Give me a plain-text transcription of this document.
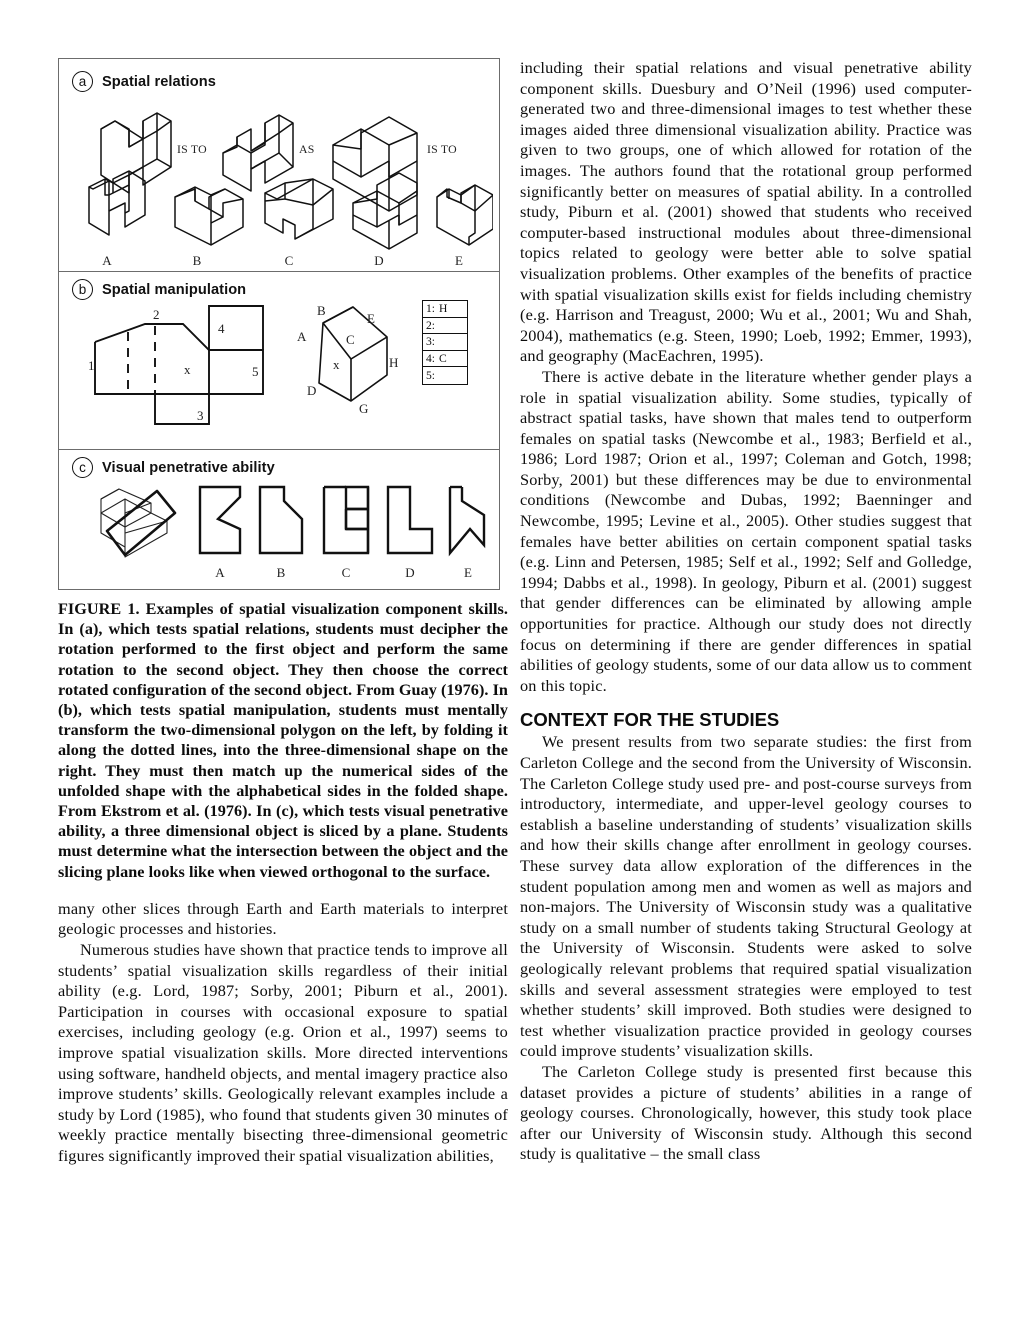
a	Spatial relations
IS TO	AS	IS TO
A	B	C	D	E
b	Spatial manipulation
1
2
3
4
5
x
B
E
C
A
x	H
D
G
1: H
2:
3:
4: C
5:
c	Visual penetrative ability
A	B	C	D	E
FIGURE 1. Examples of spatial visualization component skills. In (a), which tests spatial relations, students must decipher the rotation performed to the first object and perform the same rotation to the second object. They then choose the correct rotated configuration of the second object. From Guay (1976). In (b), which tests spatial manipulation, students must mentally transform the two-dimensional polygon on the left, by folding it along the dotted lines, into the three-dimensional shape on the right. They must then match up the numerical sides of the unfolded shape with the alphabetical sides in the folded shape. From Ekstrom et al. (1976). In (c), which tests visual penetrative ability, a three dimensional object is sliced by a plane. Students must determine what the intersection between the object and the slicing plane looks like when viewed orthogonal to the surface.

many other slices through Earth and Earth materials to interpret geologic processes and histories.

Numerous studies have shown that practice tends to improve all students’ spatial visualization skills regardless of their initial ability (e.g. Lord, 1987; Sorby, 2001; Piburn et al., 2001). Participation in courses with occasional exposure to spatial exercises, including geology (e.g. Orion et al., 1997) seems to improve spatial visualization skills. More directed interventions using software, handheld objects, and mental imagery practice also improve students’ skills. Geologically relevant examples include a study by Lord (1985), who found that students given 30 minutes of weekly practice mentally bisecting three-dimensional geometric figures significantly improved their spatial visualization abilities,

including their spatial relations and visual penetrative ability component skills. Duesbury and O’Neil (1996) used computer-generated two and three-dimensional images to test whether these images aided three dimensional visualization ability. Practice was given to two groups, one of which allowed for rotation of the images. The authors found that the rotational group performed significantly better on measures of spatial ability. In a controlled study, Piburn et al. (2001) showed that students who received computer-based instructional modules about three-dimensional topics related to geology were better able to solve spatial visualization problems. Other examples of the benefits of practice with spatial visualization skills exist for fields including chemistry (e.g. Harrison and Treagust, 2000; Wu et al., 2001; Wu and Shah, 2004), mathematics (e.g. Steen, 1990; Loeb, 1992; Emmer, 1993), and geography (MacEachren, 1995).

There is active debate in the literature whether gender plays a role in spatial visualization ability. Some studies, typically of abstract spatial tasks, have shown that males tend to outperform females on spatial tasks (Newcombe et al., 1983; Berfield et al., 1986; Lord 1987; Orion et al., 1997; Coleman and Gotch, 1998; Sorby, 2001) but these differences may be due to environmental conditions (Newcombe and Dubas, 1992; Baenninger and Newcombe, 1995; Levine et al., 2005). Other studies suggest that females have better abilities on certain component spatial tasks (e.g. Linn and Petersen, 1985; Self et al., 1992; Self and Golledge, 1994; Dabbs et al., 1998). In geology, Piburn et al. (2001) suggest that gender differences can be eliminated by allowing ample opportunities for practice. Although our study does not directly focus on determining if there are gender differences in spatial abilities of geology students, some of our data allow us to comment on this topic.

CONTEXT FOR THE STUDIES

We present results from two separate studies: the first from Carleton College and the second from the University of Wisconsin. The Carleton College study used pre- and post-course surveys from introductory, intermediate, and upper-level geology courses to establish a baseline understanding of students’ visualization skills and how their skills change after enrollment in geology courses. These survey data allow exploration of the differences in the student population among men and women as well as majors and non-majors. The University of Wisconsin study was a qualitative study on a small number of students taking Structural Geology at the University of Wisconsin. Students were asked to solve geologically relevant problems that required spatial visualization skills and several assessment strategies were employed to test whether students’ skill improved. Both studies were designed to test whether visualization practice provided in geology courses could improve students’ visualization skills.

The Carleton College study is presented first because this dataset provides a picture of students’ abilities in a range of geology courses. Chronologically, however, this study took place after our University of Wisconsin study. Although this second study is qualitative – the small class
